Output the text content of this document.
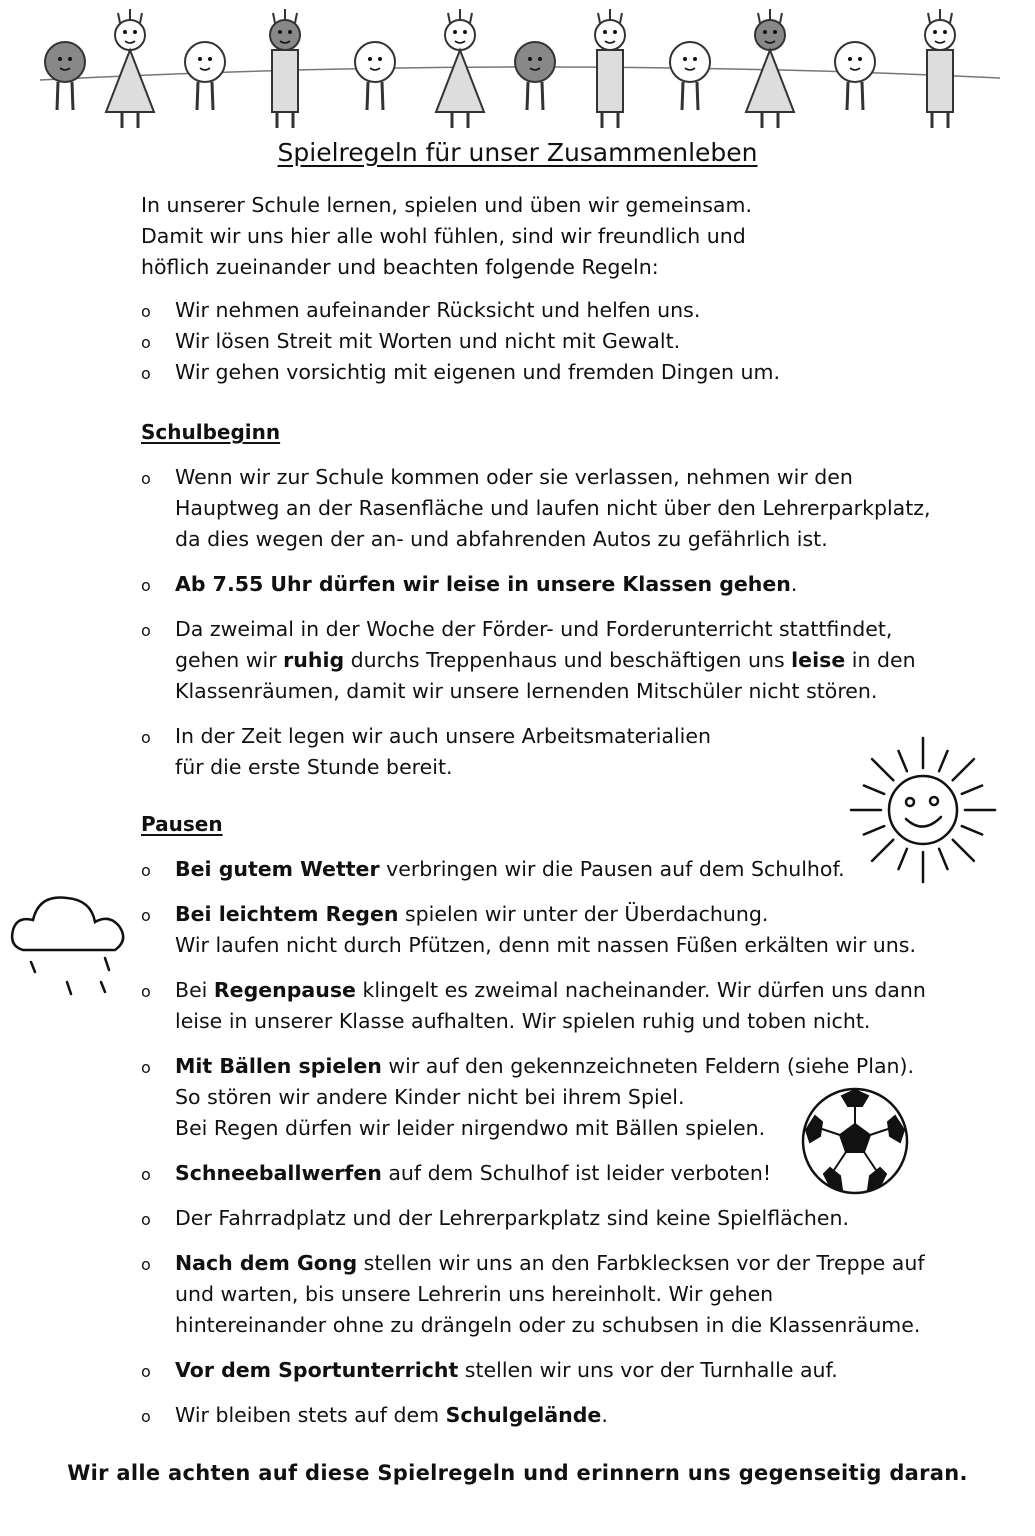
Spielregeln für unser Zusammenleben

In unserer Schule lernen, spielen und üben wir gemeinsam.
Damit wir uns hier alle wohl fühlen, sind wir freundlich und
höflich zueinander und beachten folgende Regeln:

o Wir nehmen aufeinander Rücksicht und helfen uns.
o Wir lösen Streit mit Worten und nicht mit Gewalt.
o Wir gehen vorsichtig mit eigenen und fremden Dingen um.
Schulbeginn
o Wenn wir zur Schule kommen oder sie verlassen, nehmen wir den
Hauptweg an der Rasenfläche und laufen nicht über den Lehrerparkplatz,
da dies wegen der an- und abfahrenden Autos zu gefährlich ist.
o Ab 7.55 Uhr dürfen wir leise in unsere Klassen gehen.
o Da zweimal in der Woche der Förder- und Forderunterricht stattfindet,
gehen wir ruhig durchs Treppenhaus und beschäftigen uns leise in den
Klassenräumen, damit wir unsere lernenden Mitschüler nicht stören.
o In der Zeit legen wir auch unsere Arbeitsmaterialien
für die erste Stunde bereit.
Pausen
o Bei gutem Wetter verbringen wir die Pausen auf dem Schulhof.
o Bei leichtem Regen spielen wir unter der Überdachung.
Wir laufen nicht durch Pfützen, denn mit nassen Füßen erkälten wir uns.
o Bei Regenpause klingelt es zweimal nacheinander. Wir dürfen uns dann
leise in unserer Klasse aufhalten. Wir spielen ruhig und toben nicht.
o Mit Bällen spielen wir auf den gekennzeichneten Feldern (siehe Plan).
So stören wir andere Kinder nicht bei ihrem Spiel.
Bei Regen dürfen wir leider nirgendwo mit Bällen spielen.
o Schneeballwerfen auf dem Schulhof ist leider verboten!
o Der Fahrradplatz und der Lehrerparkplatz sind keine Spielflächen.
o Nach dem Gong stellen wir uns an den Farbklecksen vor der Treppe auf
und warten, bis unsere Lehrerin uns hereinholt. Wir gehen
hintereinander ohne zu drängeln oder zu schubsen in die Klassenräume.
o Vor dem Sportunterricht stellen wir uns vor der Turnhalle auf.
o Wir bleiben stets auf dem Schulgelände.
Wir alle achten auf diese Spielregeln und erinnern uns gegenseitig daran.
